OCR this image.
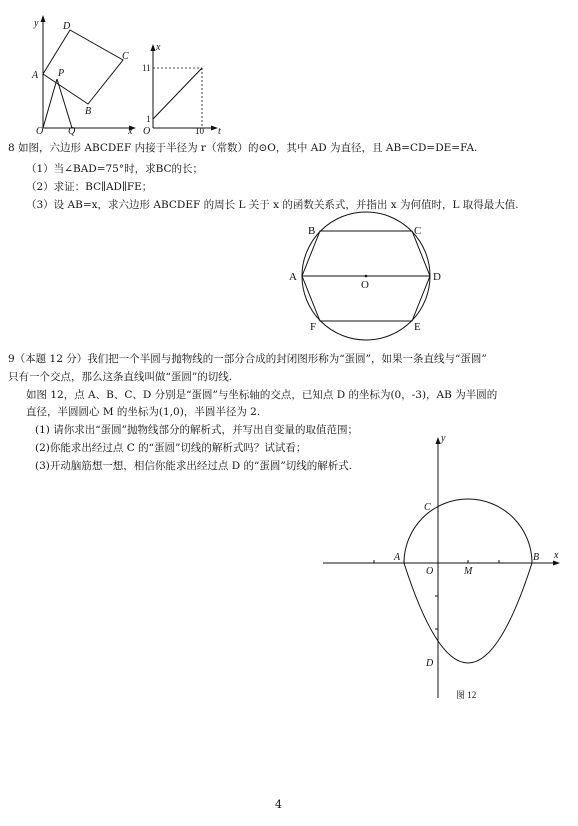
y
x
D
C
A P
B
O Q
x
11
1
O	10 t
8 如图，六边形 ABCDEF 内接于半径为 r（常数）的⊙O，其中 AD 为直径，且 AB=CD=DE=FA.
（1）当∠BAD=75°时，求BC的长；
（2）求证：BC∥AD∥FE；
（3）设 AB=x，求六边形 ABCDEF 的周长 L 关于 x 的函数关系式，并指出 x 为何值时，L 取得最大值.
B	C
A
O
D
F	E
9（本题 12 分）我们把一个半圆与抛物线的一部分合成的封闭图形称为“蛋圆”，如果一条直线与“蛋圆”
只有一个交点，那么这条直线叫做“蛋圆”的切线.
如图 12，点 A、B、C、D 分别是“蛋圆”与坐标轴的交点，已知点 D 的坐标为(0，-3)，AB 为半圆的
直径，半圆圆心 M 的坐标为(1,0)，半圆半径为 2.
(1) 请你求出“蛋圆”抛物线部分的解析式，并写出自变量的取值范围；
(2)你能求出经过点 C 的“蛋圆”切线的解析式吗？试试看；
(3)开动脑筋想一想，相信你能求出经过点 D 的“蛋圆”切线的解析式.
y
x
A	B
C
O	M
D
图 12
4
